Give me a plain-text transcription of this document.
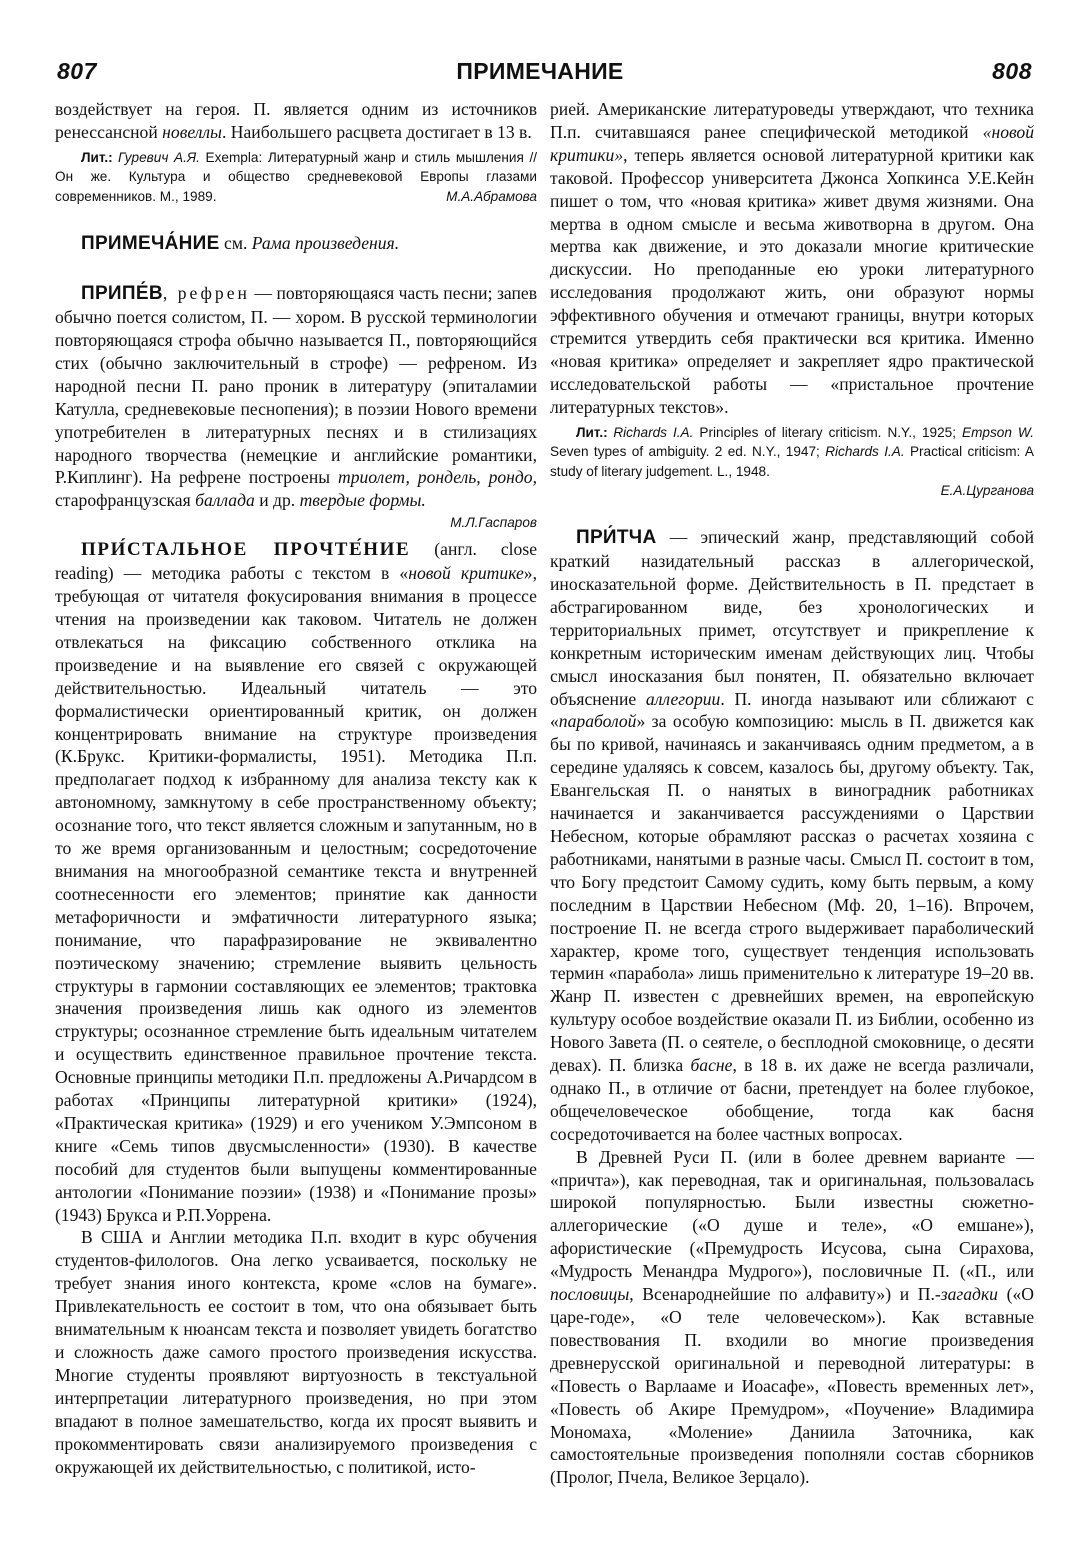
807	ПРИМЕЧАНИЕ	808

воздействует на героя. П. является одним из источников ренессансной новеллы. Наибольшего расцвета достигает в 13 в.

Лит.: Гуревич А.Я. Exempla: Литературный жанр и стиль мышления // Он же. Культура и общество средневековой Европы глазами современников. М., 1989.	М.А.Абрамова

ПРИМЕЧА́НИЕ см. Рама произведения.

ПРИПЕ́В, рефрен — повторяющаяся часть песни; запев обычно поется солистом, П. — хором. В русской терминологии повторяющаяся строфа обычно называется П., повторяющийся стих (обычно заключительный в строфе) — рефреном. Из народной песни П. рано проник в литературу (эпиталамии Катулла, средневековые песнопения); в поэзии Нового времени употребителен в литературных песнях и в стилизациях народного творчества (немецкие и английские романтики, Р.Киплинг). На рефрене построены триолет, рондель, рондо, старофранцузская баллада и др. твердые формы.
М.Л.Гаспаров

ПРИ́СТАЛЬНОЕ ПРОЧТЕ́НИЕ (англ. close reading) — методика работы с текстом в «новой критике», требующая от читателя фокусирования внимания в процессе чтения на произведении как таковом. Читатель не должен отвлекаться на фиксацию собственного отклика на произведение и на выявление его связей с окружающей действительностью. Идеальный читатель — это формалистически ориентированный критик, он должен концентрировать внимание на структуре произведения (К.Брукс. Критики-формалисты, 1951). Методика П.п. предполагает подход к избранному для анализа тексту как к автономному, замкнутому в себе пространственному объекту; осознание того, что текст является сложным и запутанным, но в то же время организованным и целостным; сосредоточение внимания на многообразной семантике текста и внутренней соотнесенности его элементов; принятие как данности метафоричности и эмфатичности литературного языка; понимание, что парафразирование не эквивалентно поэтическому значению; стремление выявить цельность структуры в гармонии составляющих ее элементов; трактовка значения произведения лишь как одного из элементов структуры; осознанное стремление быть идеальным читателем и осуществить единственное правильное прочтение текста. Основные принципы методики П.п. предложены А.Ричардсом в работах «Принципы литературной критики» (1924), «Практическая критика» (1929) и его учеником У.Эмпсоном в книге «Семь типов двусмысленности» (1930). В качестве пособий для студентов были выпущены комментированные антологии «Понимание поэзии» (1938) и «Понимание прозы» (1943) Брукса и Р.П.Уоррена.

В США и Англии методика П.п. входит в курс обучения студентов-филологов. Она легко усваивается, поскольку не требует знания иного контекста, кроме «слов на бумаге». Привлекательность ее состоит в том, что она обязывает быть внимательным к нюансам текста и позволяет увидеть богатство и сложность даже самого простого произведения искусства. Многие студенты проявляют виртуозность в текстуальной интерпретации литературного произведения, но при этом впадают в полное замешательство, когда их просят выявить и прокомментировать связи анализируемого произведения с окружающей их действительностью, с политикой, исто-

рией. Американские литературоведы утверждают, что техника П.п. считавшаяся ранее специфической методикой «новой критики», теперь является основой литературной критики как таковой. Профессор университета Джонса Хопкинса У.Е.Кейн пишет о том, что «новая критика» живет двумя жизнями. Она мертва в одном смысле и весьма животворна в другом. Она мертва как движение, и это доказали многие критические дискуссии. Но преподанные ею уроки литературного исследования продолжают жить, они образуют нормы эффективного обучения и отмечают границы, внутри которых стремится утвердить себя практически вся критика. Именно «новая критика» определяет и закрепляет ядро практической исследовательской работы — «пристальное прочтение литературных текстов».

Лит.: Richards I.A. Principles of literary criticism. N.Y., 1925; Empson W. Seven types of ambiguity. 2 ed. N.Y., 1947; Richards I.A. Practical criticism: A study of literary judgement. L., 1948.

Е.А.Цурганова

ПРИ́ТЧА — эпический жанр, представляющий собой краткий назидательный рассказ в аллегорической, иносказательной форме. Действительность в П. предстает в абстрагированном виде, без хронологических и территориальных примет, отсутствует и прикрепление к конкретным историческим именам действующих лиц. Чтобы смысл иносказания был понятен, П. обязательно включает объяснение аллегории. П. иногда называют или сближают с «параболой» за особую композицию: мысль в П. движется как бы по кривой, начинаясь и заканчиваясь одним предметом, а в середине удаляясь к совсем, казалось бы, другому объекту. Так, Евангельская П. о нанятых в виноградник работниках начинается и заканчивается рассуждениями о Царствии Небесном, которые обрамляют рассказ о расчетах хозяина с работниками, нанятыми в разные часы. Смысл П. состоит в том, что Богу предстоит Самому судить, кому быть первым, а кому последним в Царствии Небесном (Мф. 20, 1–16). Впрочем, построение П. не всегда строго выдерживает параболический характер, кроме того, существует тенденция использовать термин «парабола» лишь применительно к литературе 19–20 вв. Жанр П. известен с древнейших времен, на европейскую культуру особое воздействие оказали П. из Библии, особенно из Нового Завета (П. о сеятеле, о бесплодной смоковнице, о десяти девах). П. близка басне, в 18 в. их даже не всегда различали, однако П., в отличие от басни, претендует на более глубокое, общечеловеческое обобщение, тогда как басня сосредоточивается на более частных вопросах.

В Древней Руси П. (или в более древнем варианте — «причта»), как переводная, так и оригинальная, пользовалась широкой популярностью. Были известны сюжетно-аллегорические («О душе и теле», «О емшане»), афористические («Премудрость Исусова, сына Сирахова, «Мудрость Менандра Мудрого»), пословичные П. («П., или пословицы, Всенароднейшие по алфавиту») и П.-загадки («О царе-годе», «О теле человеческом»). Как вставные повествования П. входили во многие произведения древнерусской оригинальной и переводной литературы: в «Повесть о Варлааме и Иоасафе», «Повесть временных лет», «Повесть об Акире Премудром», «Поучение» Владимира Мономаха, «Моление» Даниила Заточника, как самостоятельные произведения пополняли состав сборников (Пролог, Пчела, Великое Зерцало).
